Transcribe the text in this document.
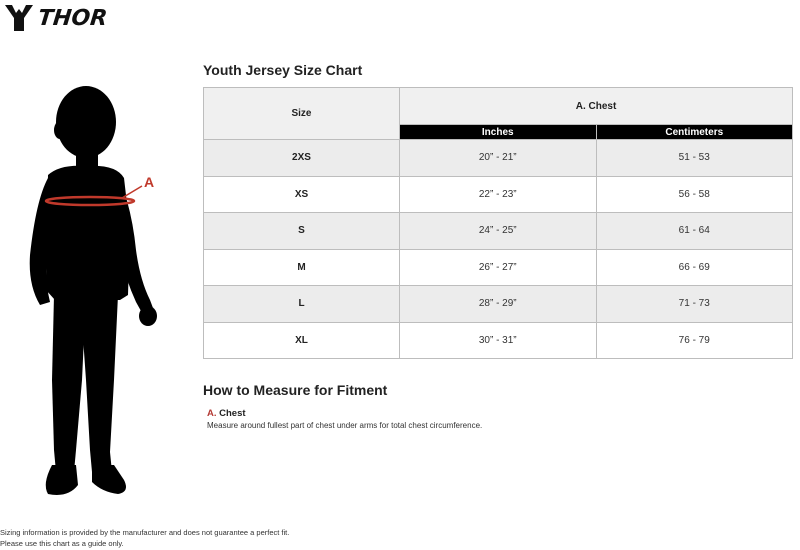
THOR
A
Youth Jersey Size Chart
Size	A. Chest	
	Inches	Centimeters
2XS	20” - 21”	51 - 53
XS	22” - 23”	56 - 58
S	24” - 25”	61 - 64
M	26” - 27”	66 - 69
L	28” - 29”	71 - 73
XL	30” - 31”	76 - 79
How to Measure for Fitment
A. Chest
Measure around fullest part of chest under arms for total chest circumference.
Sizing information is provided by the manufacturer and does not guarantee a perfect fit.
Please use this chart as a guide only.
